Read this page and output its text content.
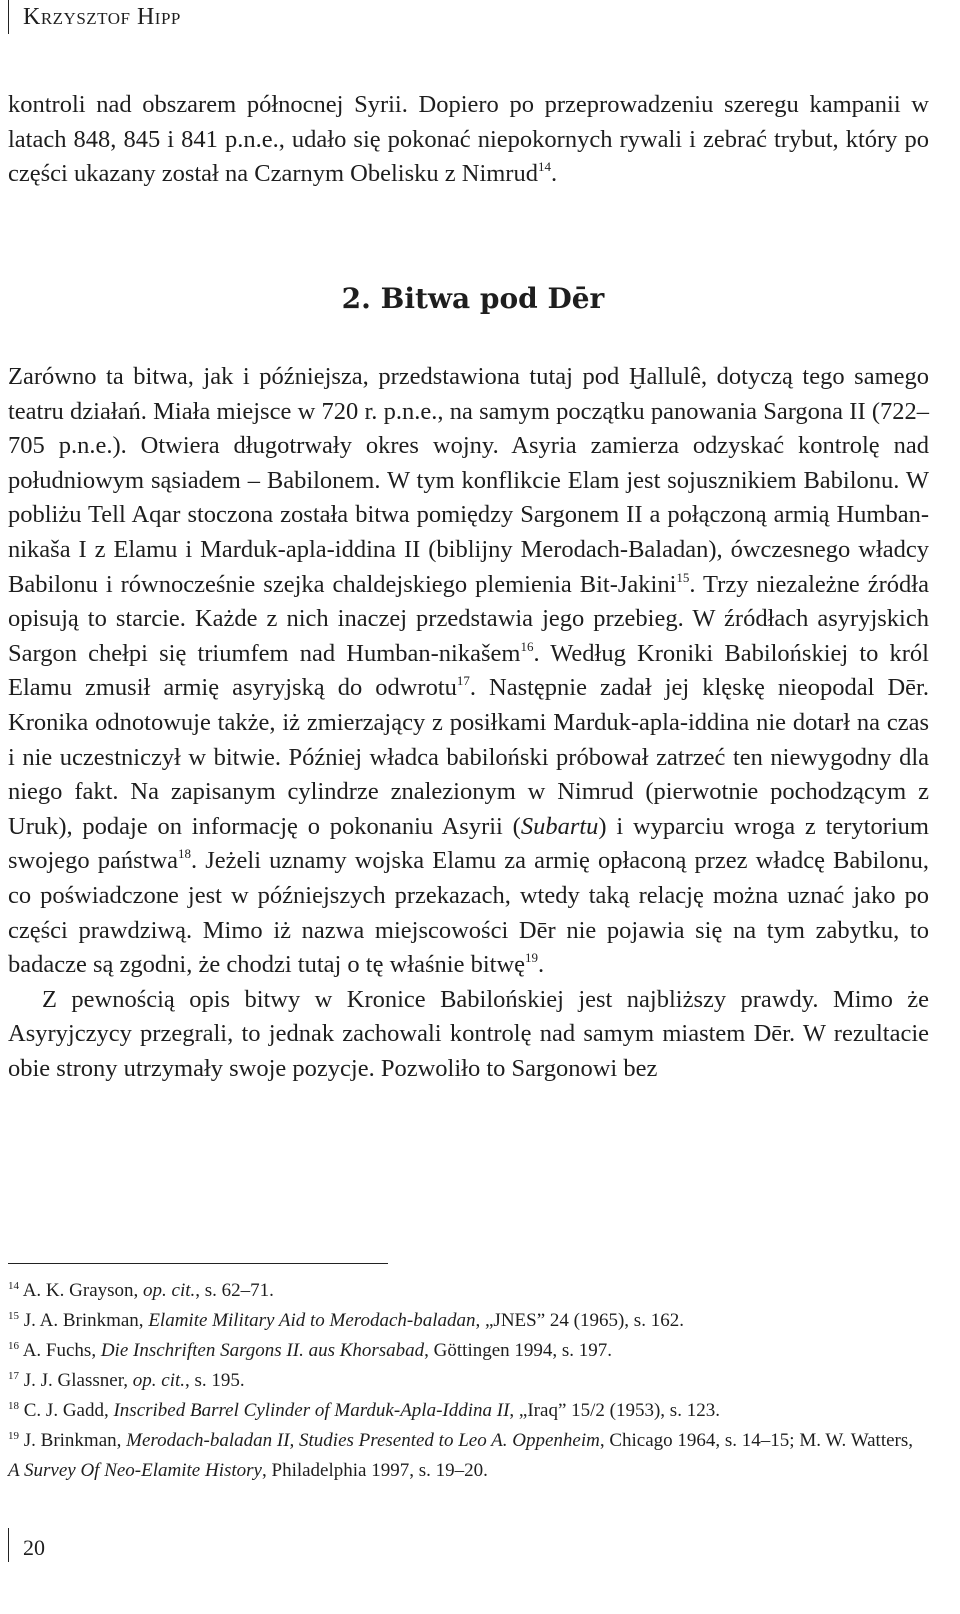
Krzysztof Hipp

kontroli nad obszarem północnej Syrii. Dopiero po przeprowadzeniu szeregu kampanii w latach 848, 845 i 841 p.n.e., udało się pokonać niepokornych rywali i zebrać trybut, który po części ukazany został na Czarnym Obelisku z Nimrud$^{14}$.

2. Bitwa pod Dēr

Zarówno ta bitwa, jak i późniejsza, przedstawiona tutaj pod Ḫallulê, dotyczą tego samego teatru działań. Miała miejsce w 720 r. p.n.e., na samym początku panowania Sargona II (722–705 p.n.e.). Otwiera długotrwały okres wojny. Asyria zamierza odzyskać kontrolę nad południowym sąsiadem – Babilonem. W tym konflikcie Elam jest sojusznikiem Babilonu. W pobliżu Tell Aqar stoczona została bitwa pomiędzy Sargonem II a połączoną armią Humban-nikaša I z Elamu i Marduk-apla-iddina II (biblijny Merodach-Baladan), ówczesnego władcy Babilonu i równocześnie szejka chaldejskiego plemienia Bit-Jakini$^{15}$. Trzy niezależne źródła opisują to starcie. Każde z nich inaczej przedstawia jego przebieg. W źródłach asyryjskich Sargon chełpi się triumfem nad Humban-nikašem$^{16}$. Według Kroniki Babilońskiej to król Elamu zmusił armię asyryjską do odwrotu$^{17}$. Następnie zadał jej klęskę nieopodal Dēr. Kronika odnotowuje także, iż zmierzający z posiłkami Marduk-apla-iddina nie dotarł na czas i nie uczestniczył w bitwie. Później władca babiloński próbował zatrzeć ten niewygodny dla niego fakt. Na zapisanym cylindrze znalezionym w Nimrud (pierwotnie pochodzącym z Uruk), podaje on informację o pokonaniu Asyrii (Subartu) i wyparciu wroga z terytorium swojego państwa$^{18}$. Jeżeli uznamy wojska Elamu za armię opłaconą przez władcę Babilonu, co poświadczone jest w późniejszych przekazach, wtedy taką relację można uznać jako po części prawdziwą. Mimo iż nazwa miejscowości Dēr nie pojawia się na tym zabytku, to badacze są zgodni, że chodzi tutaj o tę właśnie bitwę$^{19}$.

Z pewnością opis bitwy w Kronice Babilońskiej jest najbliższy prawdy. Mimo że Asyryjczycy przegrali, to jednak zachowali kontrolę nad samym miastem Dēr. W rezultacie obie strony utrzymały swoje pozycje. Pozwoliło to Sargonowi bez

$^{14}$ A. K. Grayson, op. cit., s. 62–71.

$^{15}$ J. A. Brinkman, Elamite Military Aid to Merodach-baladan, „JNES” 24 (1965), s. 162.

$^{16}$ A. Fuchs, Die Inschriften Sargons II. aus Khorsabad, Göttingen 1994, s. 197.

$^{17}$ J. J. Glassner, op. cit., s. 195.

$^{18}$ C. J. Gadd, Inscribed Barrel Cylinder of Marduk-Apla-Iddina II, „Iraq” 15/2 (1953), s. 123.

$^{19}$ J. Brinkman, Merodach-baladan II, Studies Presented to Leo A. Oppenheim, Chicago 1964, s. 14–15; M. W. Watters, A Survey Of Neo-Elamite History, Philadelphia 1997, s. 19–20.

20
